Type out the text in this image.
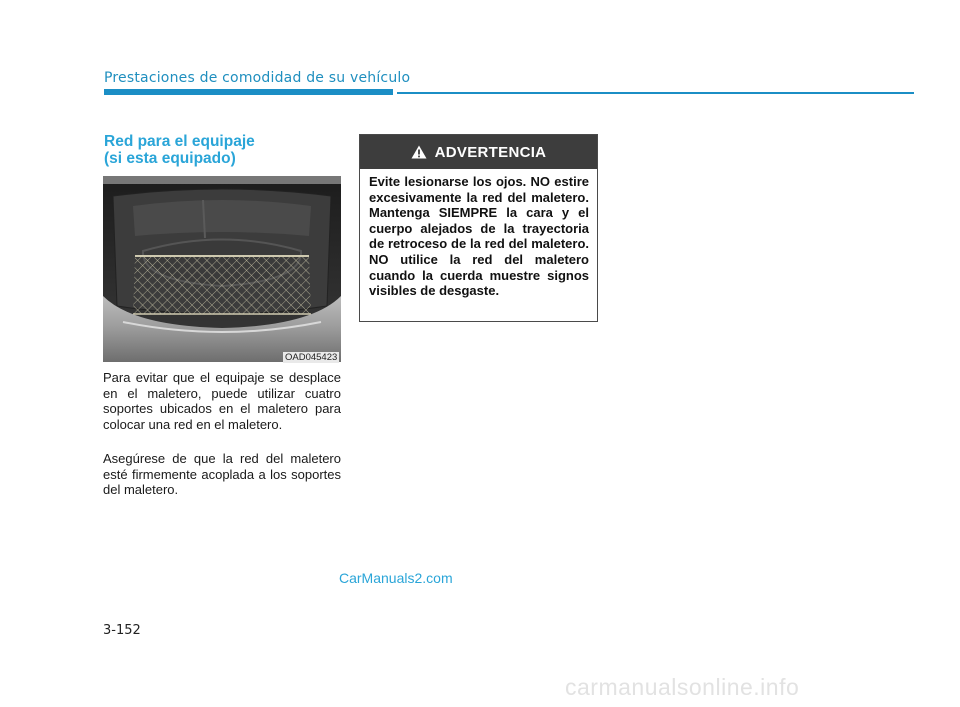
Prestaciones de comodidad de su vehículo
Red para el equipaje
(si esta equipado)
OAD045423

Para evitar que el equipaje se desplace en el maletero, puede utilizar cuatro soportes ubicados en el maletero para colocar una red en el maletero.

Asegúrese de que la red del maletero esté firmemente acoplada a los soportes del maletero.

ADVERTENCIA

Evite lesionarse los ojos. NO estire excesivamente la red del maletero. Mantenga SIEMPRE la cara y el cuerpo alejados de la trayectoria de retroceso de la red del maletero. NO utilice la red del maletero cuando la cuerda muestre signos visibles de desgaste.

CarManuals2.com
3-152
carmanualsonline.info
